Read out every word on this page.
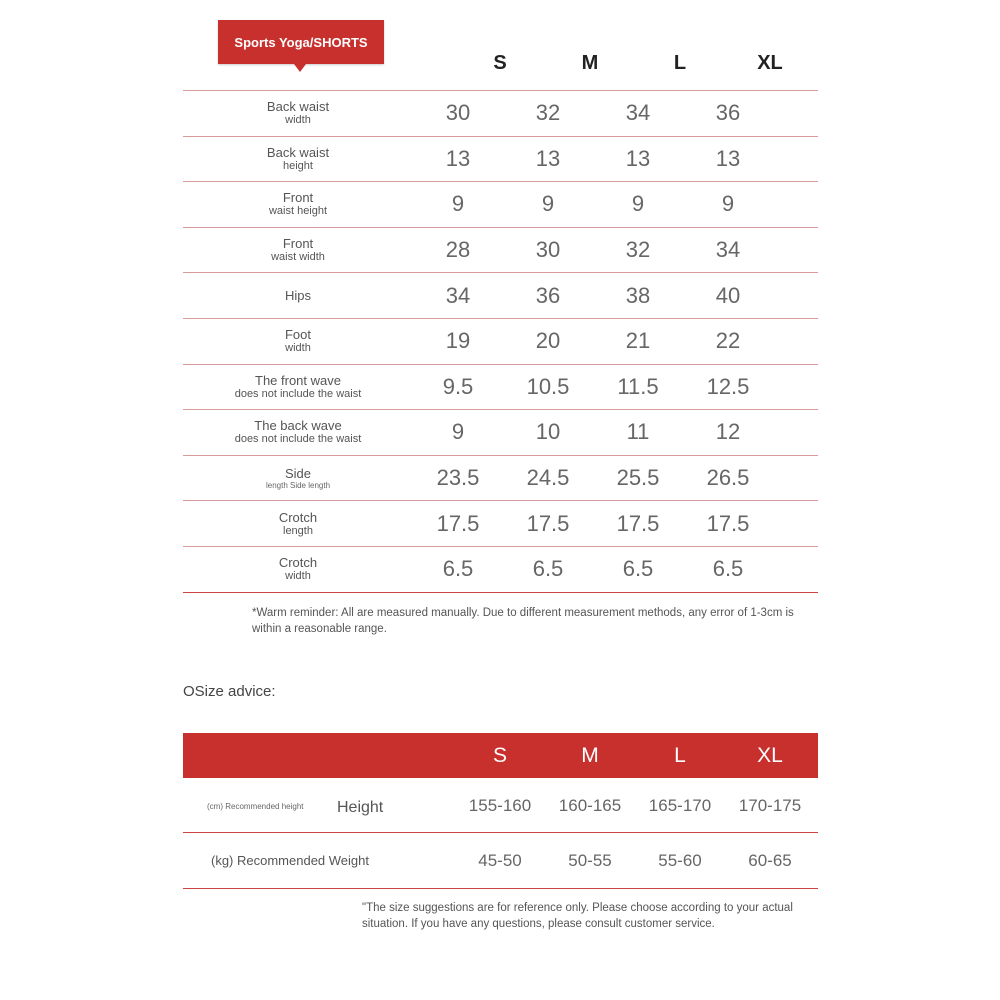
Sports Yoga/SHORTS
S	M	L	XL
Back waist
width	30	32	34	36

Back waist
height	13	13	13	13

Front
waist height	9	9	9	9

Front
waist width	28	30	32	34

Hips	34	36	38	40

Foot
width	19	20	21	22

The front wave
does not include the waist	9.5	10.5	11.5	12.5

The back wave
does not include the waist	9	10	11	12

Side
length Side length	23.5	24.5	25.5	26.5

Crotch
length	17.5	17.5	17.5	17.5

Crotch
width	6.5	6.5	6.5	6.5
*Warm reminder: All are measured manually. Due to different measurement methods, any error of 1-3cm is within a reasonable range.
OSize advice:
S	M	L	XL
(cm) Recommended height Height	155-160	160-165	165-170	170-175
(kg) Recommended Weight	45-50	50-55	55-60	60-65
"The size suggestions are for reference only. Please choose according to your actual situation. If you have any questions, please consult customer service.
